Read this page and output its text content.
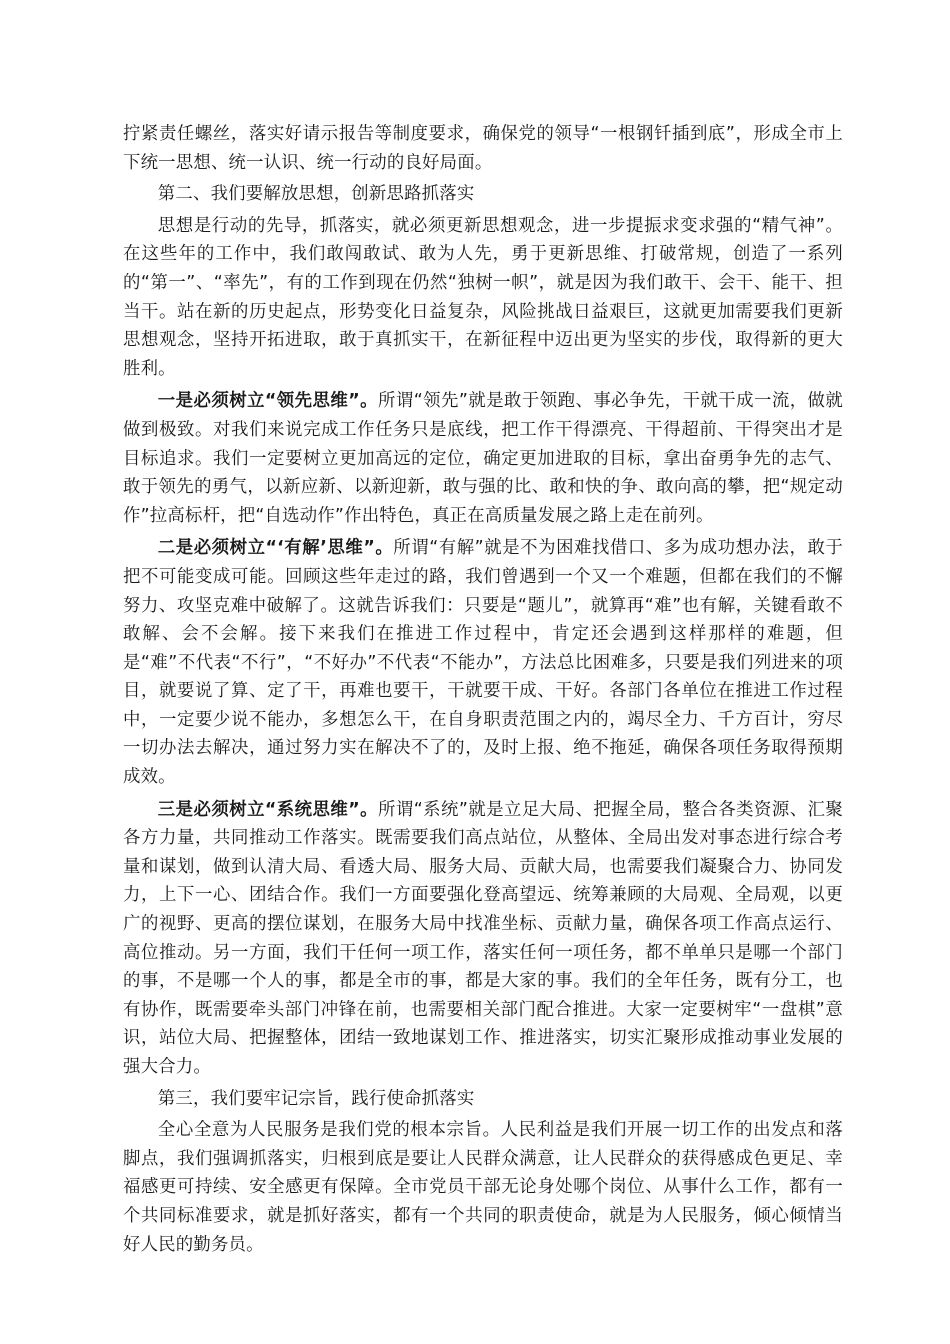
拧紧责任螺丝，落实好请示报告等制度要求，确保党的领导“一根钢钎插到底”，形成全市上下统一思想、统一认识、统一行动的良好局面。

第二、我们要解放思想，创新思路抓落实

思想是行动的先导，抓落实，就必须更新思想观念，进一步提振求变求强的“精气神”。在这些年的工作中，我们敢闯敢试、敢为人先，勇于更新思维、打破常规，创造了一系列的“第一”、“率先”，有的工作到现在仍然“独树一帜”，就是因为我们敢干、会干、能干、担当干。站在新的历史起点，形势变化日益复杂，风险挑战日益艰巨，这就更加需要我们更新思想观念，坚持开拓进取，敢于真抓实干，在新征程中迈出更为坚实的步伐，取得新的更大胜利。

一是必须树立“领先思维”。所谓“领先”就是敢于领跑、事必争先，干就干成一流，做就做到极致。对我们来说完成工作任务只是底线，把工作干得漂亮、干得超前、干得突出才是目标追求。我们一定要树立更加高远的定位，确定更加进取的目标，拿出奋勇争先的志气、敢于领先的勇气，以新应新、以新迎新，敢与强的比、敢和快的争、敢向高的攀，把“规定动作”拉高标杆，把“自选动作”作出特色，真正在高质量发展之路上走在前列。

二是必须树立“‘有解’思维”。所谓“有解”就是不为困难找借口、多为成功想办法，敢于把不可能变成可能。回顾这些年走过的路，我们曾遇到一个又一个难题，但都在我们的不懈努力、攻坚克难中破解了。这就告诉我们：只要是“题儿”，就算再“难”也有解，关键看敢不敢解、会不会解。接下来我们在推进工作过程中，肯定还会遇到这样那样的难题，但是“难”不代表“不行”，“不好办”不代表“不能办”，方法总比困难多，只要是我们列进来的项目，就要说了算、定了干，再难也要干，干就要干成、干好。各部门各单位在推进工作过程中，一定要少说不能办，多想怎么干，在自身职责范围之内的，竭尽全力、千方百计，穷尽一切办法去解决，通过努力实在解决不了的，及时上报、绝不拖延，确保各项任务取得预期成效。

三是必须树立“系统思维”。所谓“系统”就是立足大局、把握全局，整合各类资源、汇聚各方力量，共同推动工作落实。既需要我们高点站位，从整体、全局出发对事态进行综合考量和谋划，做到认清大局、看透大局、服务大局、贡献大局，也需要我们凝聚合力、协同发力，上下一心、团结合作。我们一方面要强化登高望远、统筹兼顾的大局观、全局观，以更广的视野、更高的摆位谋划，在服务大局中找准坐标、贡献力量，确保各项工作高点运行、高位推动。另一方面，我们干任何一项工作，落实任何一项任务，都不单单只是哪一个部门的事，不是哪一个人的事，都是全市的事，都是大家的事。我们的全年任务，既有分工，也有协作，既需要牵头部门冲锋在前，也需要相关部门配合推进。大家一定要树牢“一盘棋”意识，站位大局、把握整体，团结一致地谋划工作、推进落实，切实汇聚形成推动事业发展的强大合力。

第三，我们要牢记宗旨，践行使命抓落实

全心全意为人民服务是我们党的根本宗旨。人民利益是我们开展一切工作的出发点和落脚点，我们强调抓落实，归根到底是要让人民群众满意，让人民群众的获得感成色更足、幸福感更可持续、安全感更有保障。全市党员干部无论身处哪个岗位、从事什么工作，都有一个共同标准要求，就是抓好落实，都有一个共同的职责使命，就是为人民服务，倾心倾情当好人民的勤务员。
